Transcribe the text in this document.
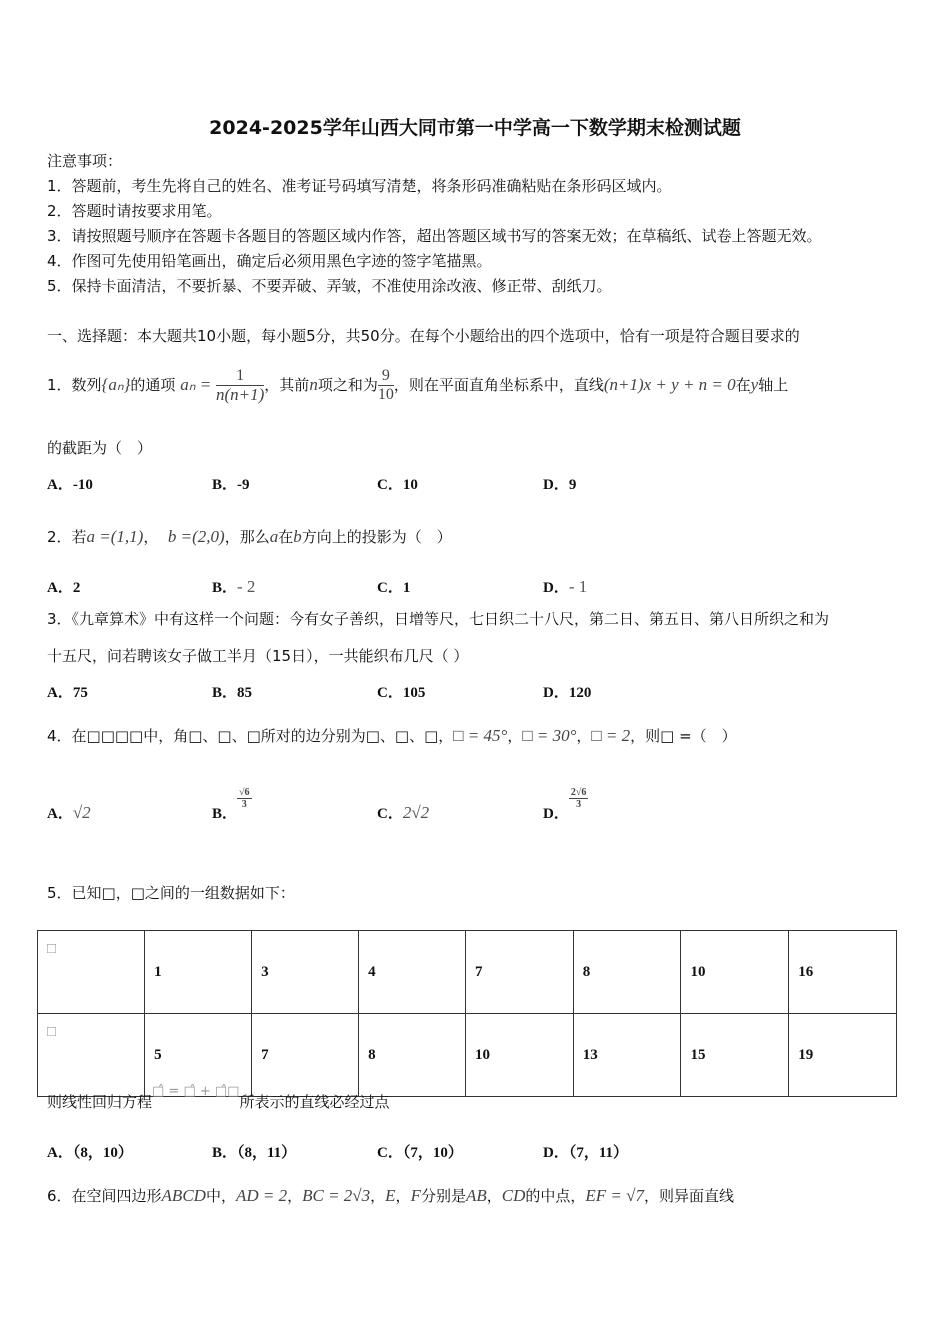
2024-2025学年山西大同市第一中学高一下数学期末检测试题
注意事项：
1．答题前，考生先将自己的姓名、准考证号码填写清楚，将条形码准确粘贴在条形码区域内。
2．答题时请按要求用笔。
3．请按照题号顺序在答题卡各题目的答题区域内作答，超出答题区域书写的答案无效；在草稿纸、试卷上答题无效。
4．作图可先使用铅笔画出，确定后必须用黑色字迹的签字笔描黑。
5．保持卡面清洁，不要折暴、不要弄破、弄皱，不准使用涂改液、修正带、刮纸刀。
一、选择题：本大题共10小题，每小题5分，共50分。在每个小题给出的四个选项中，恰有一项是符合题目要求的
1．数列{aₙ}的通项 $a_n = \frac{1}{n(n+1)}$ ，其前n项之和为 $\frac{9}{10}$ ，则在平面直角坐标系中，直线(n+1)x + y + n = 0在y轴上
的截距为（　）
A．-10	B．-9	C．10	D．9
2．若a =(1,1)， b =(2,0)，那么a在b方向上的投影为（　）
A．2	B．- 2	C．1	D．- 1
3．《九章算术》中有这样一个问题：今有女子善织，日增等尺，七日织二十八尺，第二日、第五日、第八日所织之和为
十五尺，问若聘该女子做工半月（15日），一共能织布几尺（ ）
A．75	B．85	C．105	D．120
4．在□□□□中，角□、□、□所对的边分别为□、□、□，□ = 45°，□ = 30°，□ = 2，则□ =（　）
A．√2	B．
$\frac{√6}{3}$
C．2√2	D．
$\frac{2√6}{3}$
5．已知□，□之间的一组数据如下：
□	1	3	4	7	8	10	16
□	5	7	8	10	13	15	19
则线性回归方程□̂ = □̂ + □̂□所表示的直线必经过点
A．（8，10）	B．（8，11）	C．（7，10）	D．（7，11）
6．在空间四边形ABCD中，AD = 2，BC = 2√3，E，F分别是AB，CD的中点，EF = √7，则异面直线
